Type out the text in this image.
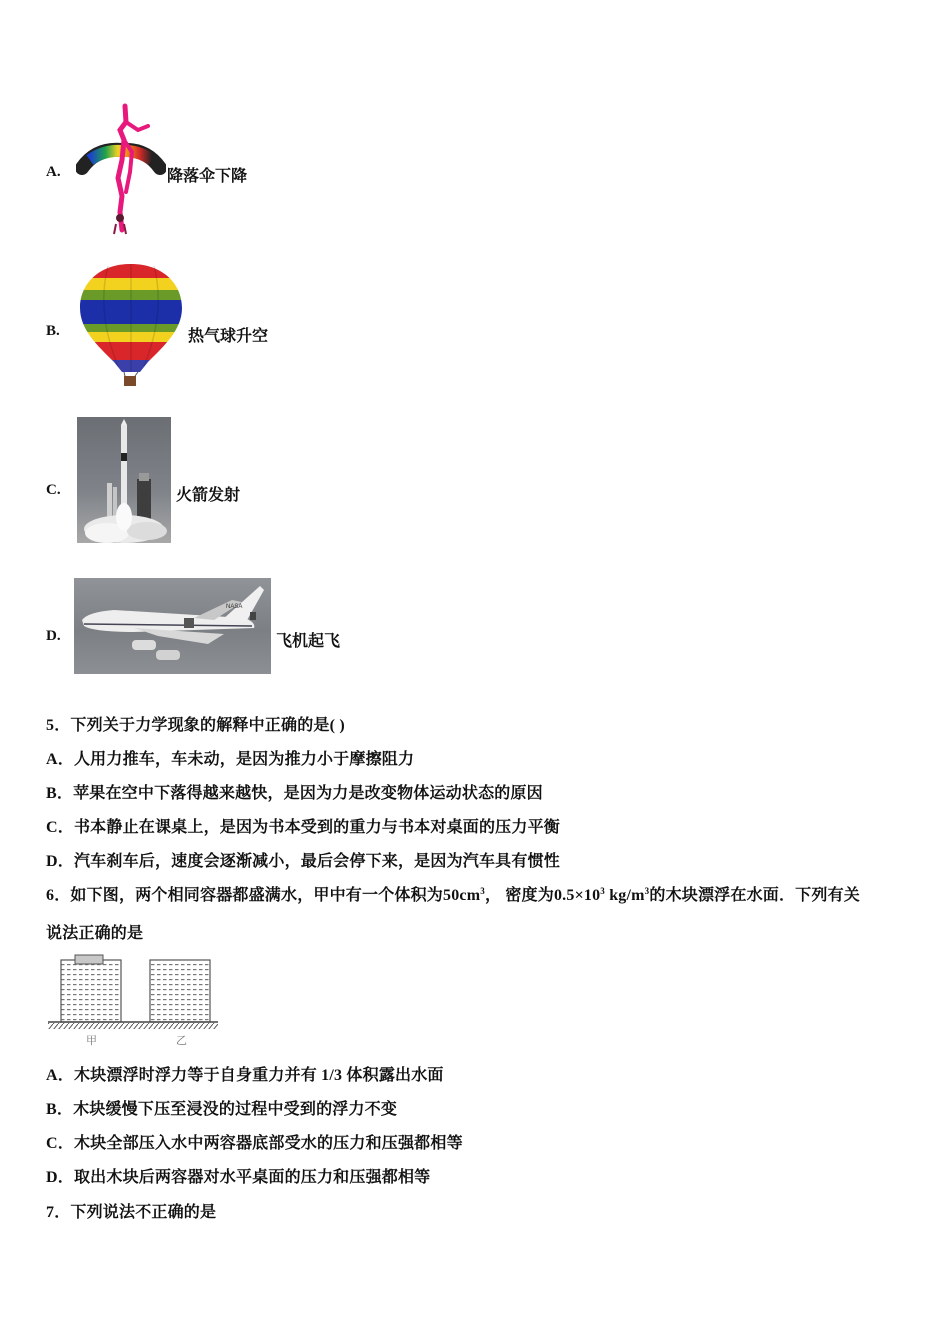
A.	降落伞下降
B.	热气球升空
C.	火箭发射
D.
NASA
飞机起飞
5．下列关于力学现象的解释中正确的是( )
A．人用力推车，车未动，是因为推力小于摩擦阻力
B．苹果在空中下落得越来越快，是因为力是改变物体运动状态的原因
C．书本静止在课桌上，是因为书本受到的重力与书本对桌面的压力平衡
D．汽车刹车后，速度会逐渐减小，最后会停下来，是因为汽车具有惯性
6．如下图，两个相同容器都盛满水，甲中有一个体积为$50cm^3$， 密度为$0.5\times 10^3$ $kg/m^3$的木块漂浮在水面．下列有关
说法正确的是
甲	乙
A．木块漂浮时浮力等于自身重力并有 1/3 体积露出水面
B．木块缓慢下压至浸没的过程中受到的浮力不变
C．木块全部压入水中两容器底部受水的压力和压强都相等
D．取出木块后两容器对水平桌面的压力和压强都相等
7．下列说法不正确的是
